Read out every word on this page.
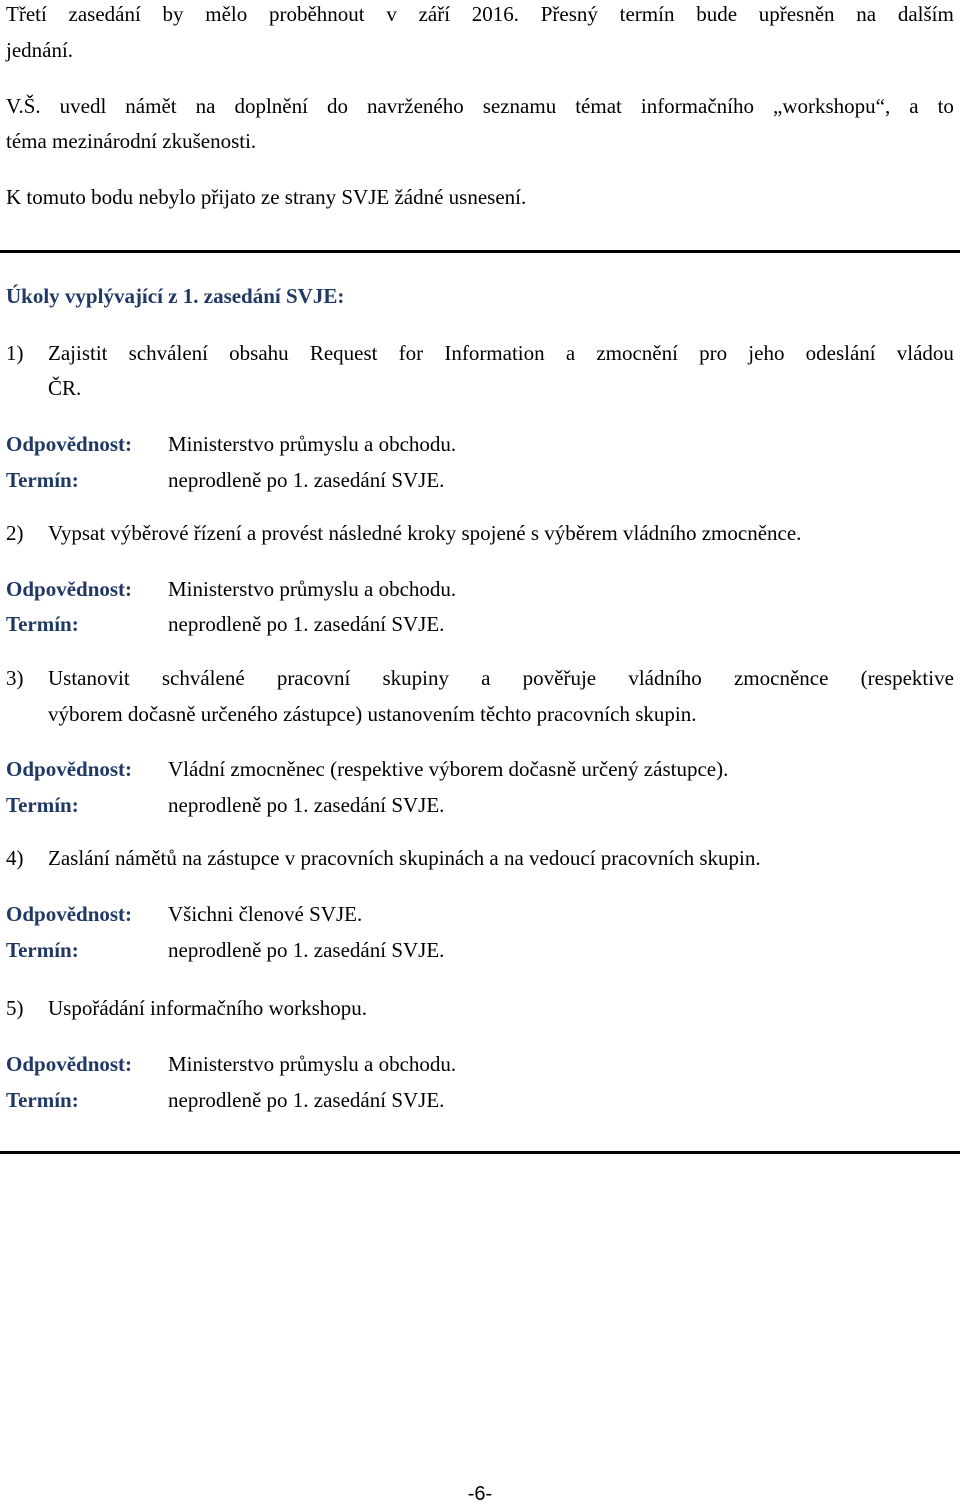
Třetí zasedání by mělo proběhnout v září 2016. Přesný termín bude upřesněn na dalším
jednání.
V.Š. uvedl námět na doplnění do navrženého seznamu témat informačního „workshopu“, a to
téma mezinárodní zkušenosti.
K tomuto bodu nebylo přijato ze strany SVJE žádné usnesení.
Úkoly vyplývající z 1. zasedání SVJE:
1) Zajistit schválení obsahu Request for Information a zmocnění pro jeho odeslání vládou
ČR.
Odpovědnost: Ministerstvo průmyslu a obchodu.
Termín:	neprodleně po 1. zasedání SVJE.
2) Vypsat výběrové řízení a provést následné kroky spojené s výběrem vládního zmocněnce.
Odpovědnost: Ministerstvo průmyslu a obchodu.
Termín:	neprodleně po 1. zasedání SVJE.
3) Ustanovit schválené pracovní skupiny a pověřuje vládního zmocněnce (respektive
výborem dočasně určeného zástupce) ustanovením těchto pracovních skupin.
Odpovědnost: Vládní zmocněnec (respektive výborem dočasně určený zástupce).
Termín:	neprodleně po 1. zasedání SVJE.
4) Zaslání námětů na zástupce v pracovních skupinách a na vedoucí pracovních skupin.
Odpovědnost: Všichni členové SVJE.
Termín:	neprodleně po 1. zasedání SVJE.
5) Uspořádání informačního workshopu.
Odpovědnost: Ministerstvo průmyslu a obchodu.
Termín:	neprodleně po 1. zasedání SVJE.
-6-
